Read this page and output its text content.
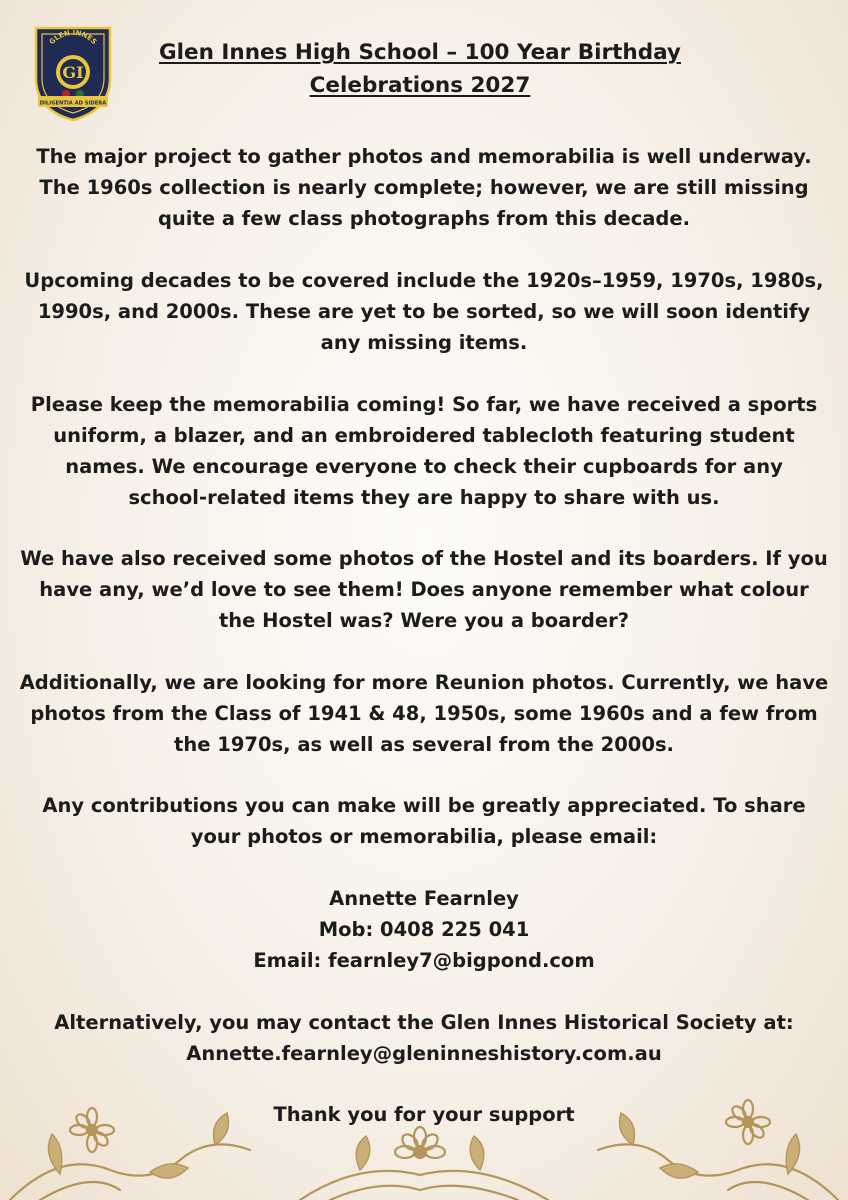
GI
GLEN INNES
DILIGENTIA AD SIDERA
Glen Innes High School – 100 Year Birthday
Celebrations 2027

The major project to gather photos and memorabilia is well underway.
The 1960s collection is nearly complete; however, we are still missing
quite a few class photographs from this decade.

Upcoming decades to be covered include the 1920s–1959, 1970s, 1980s,
1990s, and 2000s. These are yet to be sorted, so we will soon identify
any missing items.

Please keep the memorabilia coming! So far, we have received a sports
uniform, a blazer, and an embroidered tablecloth featuring student
names. We encourage everyone to check their cupboards for any
school-related items they are happy to share with us.

We have also received some photos of the Hostel and its boarders. If you
have any, we’d love to see them! Does anyone remember what colour
the Hostel was? Were you a boarder?

Additionally, we are looking for more Reunion photos. Currently, we have
photos from the Class of 1941 & 48, 1950s, some 1960s and a few from
the 1970s, as well as several from the 2000s.

Any contributions you can make will be greatly appreciated. To share
your photos or memorabilia, please email:

Annette Fearnley
Mob: 0408 225 041
Email: fearnley7@bigpond.com

Alternatively, you may contact the Glen Innes Historical Society at:
Annette.fearnley@gleninneshistory.com.au

Thank you for your support
